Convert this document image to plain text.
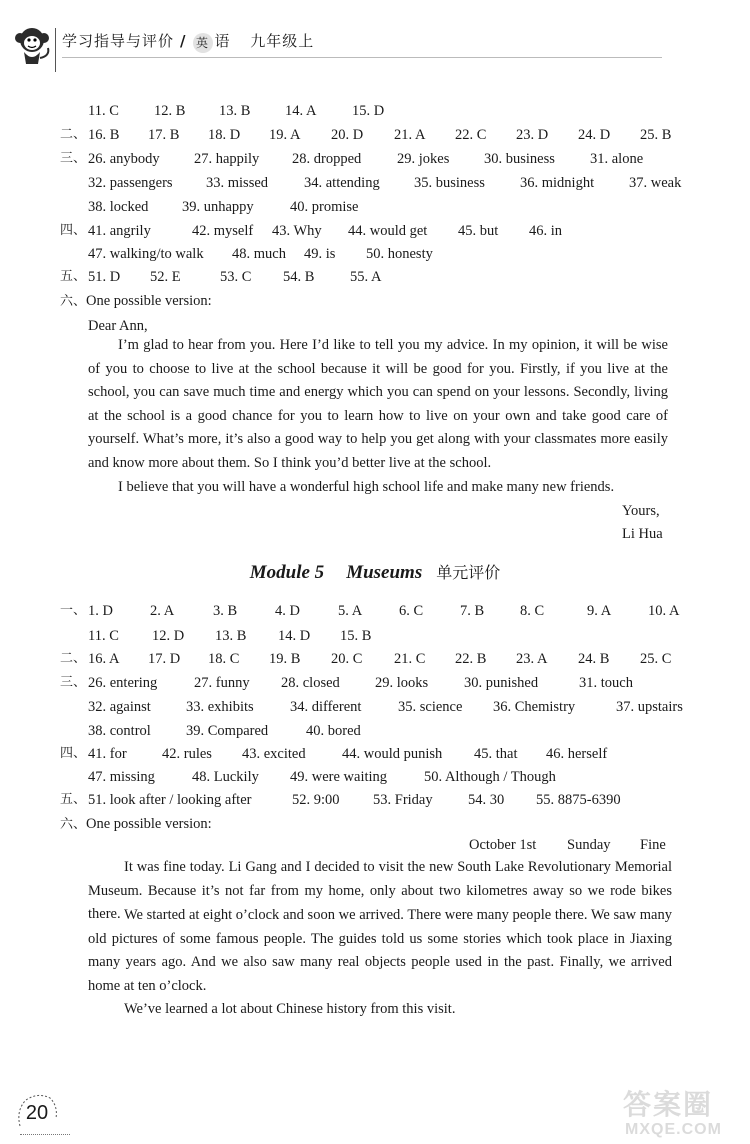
学习指导与评价 / 英 语 九年级上
11. C 12. B 13. B 14. A 15. D
二、 16. B 17. B 18. D 19. A 20. D 21. A 22. C 23. D 24. D 25. B
三、 26. anybody 27. happily 28. dropped 29. jokes 30. business 31. alone
32. passengers 33. missed 34. attending 35. business 36. midnight 37. weak
38. locked 39. unhappy	40. promise
四、 41. angrily	42. myself 43. Why 44. would get 45. but 46. in
47. walking/to walk 48. much 49. is 50. honesty
五、 51. D 52. E	53. C 54. B 55. A
六、One possible version:
Dear Ann,

I’m glad to hear from you. Here I’d like to tell you my advice. In my opinion, it will be wise of you to choose to live at the school because it will be good for you. Firstly, if you live at the school, you can save much time and energy which you can spend on your lessons. Secondly, living at the school is a good chance for you to learn how to live on your own and take good care of yourself. What’s more, it’s also a good way to help you get along with your classmates more easily and know more about them. So I think you’d better live at the school.

I believe that you will have a wonderful high school life and make many new friends.

Yours,
Li Hua
Module 5 Museums 单元评价
一、 1. D	2. A	3. B	4. D	5. A	6. C	7. B 8. C	9. A	10. A
11. C 12. D 13. B 14. D 15. B
二、 16. A 17. D 18. C 19. B 20. C 21. C 22. B 23. A 24. B 25. C
三、 26. entering	27. funny 28. closed 29. looks 30. punished	31. touch
32. against 33. exhibits	34. different	35. science 36. Chemistry	37. upstairs
38. control 39. Compared	40. bored
四、 41. for 42. rules 43. excited	44. would punish 45. that 46. herself
47. missing	48. Luckily 49. were waiting	50. Although / Though
五、 51. look after / looking after	52. 9:00 53. Friday 54. 30 55. 8875-6390
六、One possible version:
October 1st Sunday Fine

It was fine today. Li Gang and I decided to visit the new South Lake Revolutionary Memorial Museum. Because it’s not far from my home, only about two kilometres away so we rode bikes there. We started at eight o’clock and soon we arrived. There were many people there. We saw many old pictures of some famous people. The guides told us some stories which took place in Jiaxing many years ago. And we also saw many real objects people used in the past. Finally, we arrived home at ten o’clock.

We’ve learned a lot about Chinese history from this visit.

20	答案圈
MXQE.COM
